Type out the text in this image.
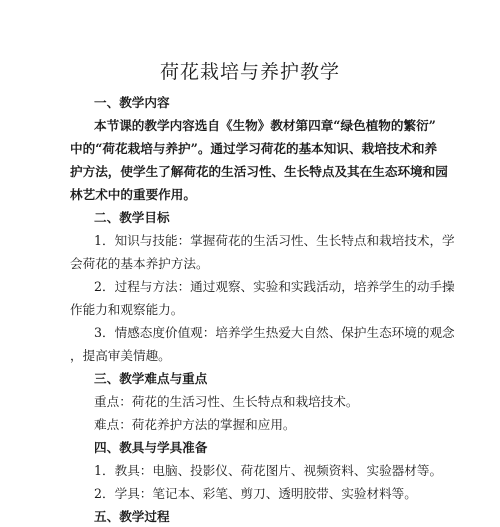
荷花栽培与养护教学
一、教学内容
本节课的教学内容选自《生物》教材第四章“绿色植物的繁衍”
中的“荷花栽培与养护”。通过学习荷花的基本知识、栽培技术和养
护方法，使学生了解荷花的生活习性、生长特点及其在生态环境和园
林艺术中的重要作用。
二、教学目标
1．知识与技能：掌握荷花的生活习性、生长特点和栽培技术，学
会荷花的基本养护方法。
2．过程与方法：通过观察、实验和实践活动，培养学生的动手操
作能力和观察能力。
3．情感态度价值观：培养学生热爱大自然、保护生态环境的观念
，提高审美情趣。
三、教学难点与重点
重点：荷花的生活习性、生长特点和栽培技术。
难点：荷花养护方法的掌握和应用。
四、教具与学具准备
1．教具：电脑、投影仪、荷花图片、视频资料、实验器材等。
2．学具：笔记本、彩笔、剪刀、透明胶带、实验材料等。
五、教学过程
